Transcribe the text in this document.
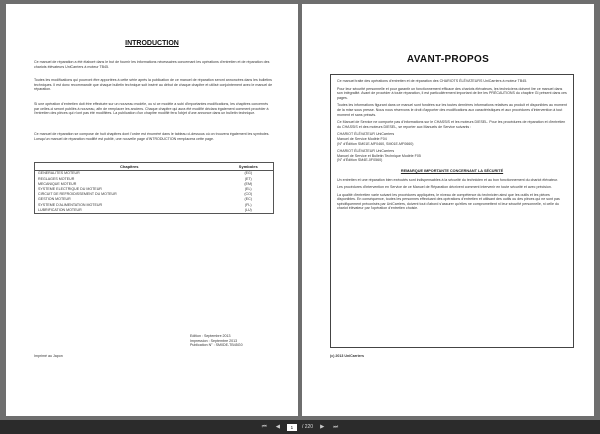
INTRODUCTION
Ce manuel de réparation a été élaboré dans le but de fournir les informations nécessaires concernant les opérations d'entretien et de réparation des chariots élévateurs UniCarriers à moteur TB45.
Toutes les modifications qui pourront être apportées à cette série après la publication de ce manuel de réparation seront annoncées dans les bulletins techniques. Il est donc recommandé que chaque bulletin technique soit inséré au début de chaque chapitre et utilisé conjointement avec le manuel de réparation.
Si une opération d'entretien doit être effectuée sur un nouveau modèle, ou si ce modèle a subi d'importantes modifications, les chapitres concernés par celles-ci seront publiés à nouveau, afin de remplacer les anciens. Chaque chapitre qui aura été modifié déclara également comment procéder à l'entretien des pièces qui n'ont pas été modifiées. La publication d'un chapitre modifié fera l'objet d'une annonce dans un bulletin technique.
Ce manuel de réparation se compose de huit chapitres dont l'ordre est énuméré dans le tableau ci-dessous où on trouvera également les symboles. Lorsqu'un manuel de réparation modifié est publié, une nouvelle page d'INTRODUCTION remplacera cette page.
Chapitres	Symboles
GENERALITES MOTEUR	(EG)
REGLAGES MOTEUR	(ET)
MECANIQUE MOTEUR	(EM)
SYSTEME ELECTRIQUE DU MOTEUR	(EL)
CIRCUIT DE REFROIDISSEMENT DU MOTEUR	(CO)
GESTION MOTEUR	(EC)
SYSTEME D'ALIMENTATION MOTEUR	(FL)
LUBRIFICATION MOTEUR	(LU)
Edition : Septembre 2013
Impression : Septembre 2013
Publication N° : SM0DE-TB45G0
Imprimé au Japon
AVANT-PROPOS

Ce manuel traite des opérations d'entretien et de réparation des CHARIOTS ÉLÉVATEURS UniCarriers à moteur TB45.

Pour leur sécurité personnelle et pour garantir un fonctionnement efficace des chariots élévateurs, les techniciens doivent lire ce manuel dans son intégralité. Avant de procéder à toute réparation, il est particulièrement important de lire les PRÉCAUTIONS du chapitre GI présent dans ces pages.

Toutes les informations figurant dans ce manuel sont fondées sur les toutes dernières informations relatives au produit et disponibles au moment de la mise sous presse. Nous nous réservons le droit d'apporter des modifications aux caractéristiques et aux procédures d'intervention à tout moment et sans préavis.

Ce Manuel de Service ne comporte pas d'informations sur le CHASSIS et les moteurs DIESEL. Pour les procédures de réparation et d'entretien du CHASSIS et des moteurs DIESEL, se reporter aux Manuels de Service suivants :

CHARIOT ÉLÉVATEUR UniCarriers
Manuel de Service Modèle F04

(N° d'Édition SM01E-MF0460, SM01E-MF0660)

CHARIOT ÉLÉVATEUR UniCarriers
Manuel de Service et Bulletin Technique Modèle F05

(N° d'Édition SM4E-0F0560)

REMARQUE IMPORTANTE CONCERNANT LA SÉCURITÉ

Un entretien et une réparation bien exécutés sont indispensables à la sécurité du technicien et au bon fonctionnement du chariot élévateur.

Les procédures d'intervention en Service de ce Manuel de Réparation décrivent comment intervenir en toute sécurité et avec précision.

La qualité d'entretien varie suivant les procédures appliquées, le niveau de compétence du technicien ainsi que les outils et les pièces disponibles. En conséquence, toutes les personnes effectuant des opérations d'entretien et utilisant des outils ou des pièces qui ne sont pas spécifiquement préconisés par UniCarriers, doivent tout d'abord s'assurer qu'elles ne compromettent ni leur sécurité personnelle, ni celle du chariot élévateur par l'opération d'entretien choisie.

(c) 2013 UniCarriers
⏮	◀
1	/ 220	▶	⏭
